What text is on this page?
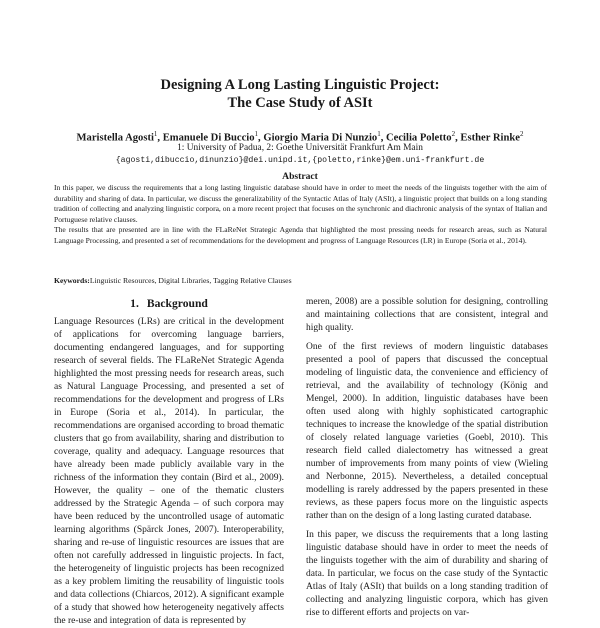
Designing A Long Lasting Linguistic Project:
The Case Study of ASIt
Maristella Agosti$^1$, Emanuele Di Buccio$^1$, Giorgio Maria Di Nunzio$^1$, Cecilia Poletto$^2$, Esther Rinke$^2$
1: University of Padua, 2: Goethe Universität Frankfurt Am Main
{agosti,dibuccio,dinunzio}@dei.unipd.it,{poletto,rinke}@em.uni-frankfurt.de
Abstract

In this paper, we discuss the requirements that a long lasting linguistic database should have in order to meet the needs of the linguists together with the aim of durability and sharing of data. In particular, we discuss the generalizability of the Syntactic Atlas of Italy (ASIt), a linguistic project that builds on a long standing tradition of collecting and analyzing linguistic corpora, on a more recent project that focuses on the synchronic and diachronic analysis of the syntax of Italian and Portuguese relative clauses.

The results that are presented are in line with the FLaReNet Strategic Agenda that highlighted the most pressing needs for research areas, such as Natural Language Processing, and presented a set of recommendations for the development and progress of Language Resources (LR) in Europe (Soria et al., 2014).

Keywords:Linguistic Resources, Digital Libraries, Tagging Relative Clauses
1. Background

Language Resources (LRs) are critical in the development of applications for overcoming language barriers, documenting endangered languages, and for supporting research of several fields. The FLaReNet Strategic Agenda highlighted the most pressing needs for research areas, such as Natural Language Processing, and presented a set of recommendations for the development and progress of LRs in Europe (Soria et al., 2014). In particular, the recommendations are organised according to broad thematic clusters that go from availability, sharing and distribution to coverage, quality and adequacy. Language resources that have already been made publicly available vary in the richness of the information they contain (Bird et al., 2009). However, the quality – one of the thematic clusters addressed by the Strategic Agenda – of such corpora may have been reduced by the uncontrolled usage of automatic learning algorithms (Spärck Jones, 2007). Interoperability, sharing and re-use of linguistic resources are issues that are often not carefully addressed in linguistic projects. In fact, the heterogeneity of linguistic projects has been recognized as a key problem limiting the reusability of linguistic tools and data collections (Chiarcos, 2012). A significant example of a study that showed how heterogeneity negatively affects the re-use and integration of data is represented by

meren, 2008) are a possible solution for designing, controlling and maintaining collections that are consistent, integral and high quality.

One of the first reviews of modern linguistic databases presented a pool of papers that discussed the conceptual modeling of linguistic data, the convenience and efficiency of retrieval, and the availability of technology (König and Mengel, 2000). In addition, linguistic databases have been often used along with highly sophisticated cartographic techniques to increase the knowledge of the spatial distribution of closely related language varieties (Goebl, 2010). This research field called dialectometry has witnessed a great number of improvements from many points of view (Wieling and Nerbonne, 2015). Nevertheless, a detailed conceptual modelling is rarely addressed by the papers presented in these reviews, as these papers focus more on the linguistic aspects rather than on the design of a long lasting curated database.

In this paper, we discuss the requirements that a long lasting linguistic database should have in order to meet the needs of the linguists together with the aim of durability and sharing of data. In particular, we focus on the case study of the Syntactic Atlas of Italy (ASIt) that builds on a long standing tradition of collecting and analyzing linguistic corpora, which has given rise to different efforts and projects on var-
